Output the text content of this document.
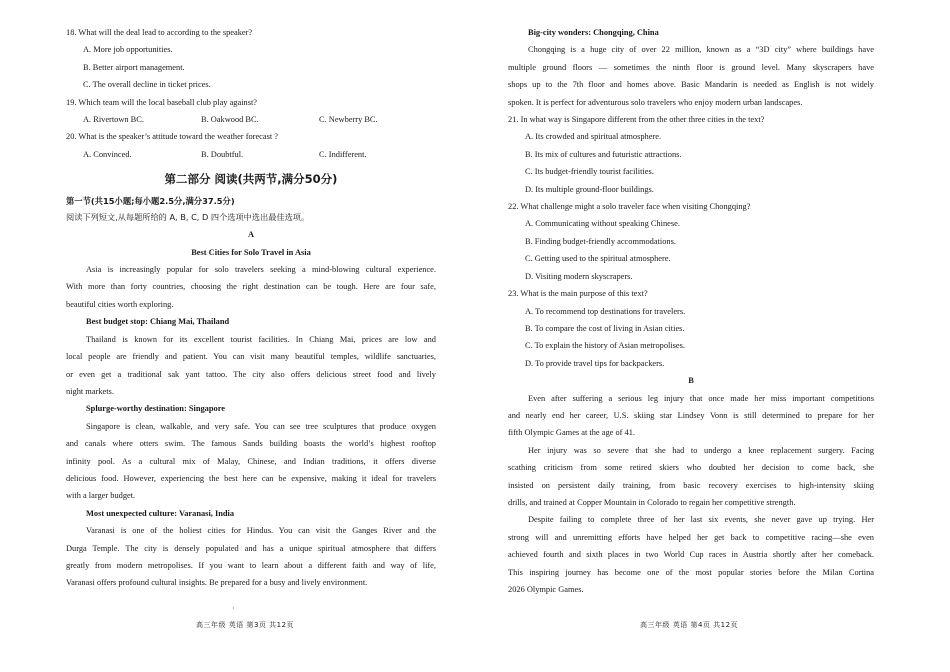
18. What will the deal lead to according to the speaker?
A. More job opportunities.
B. Better airport management.
C. The overall decline in ticket prices.
19. Which team will the local baseball club play against?
A. Rivertown BC.	B. Oakwood BC.	C. Newberry BC.
20. What is the speaker’s attitude toward the weather forecast ?
A. Convinced.	B. Doubtful.	C. Indifferent.
第二部分 阅读(共两节,满分50分)
第一节(共15小题;每小题2.5分,满分37.5分)
阅读下列短文,从每题所给的 A, B, C, D 四个选项中选出最佳选项。
A
Best Cities for Solo Travel in Asia
Asia is increasingly popular for solo travelers seeking a mind-blowing cultural experience.
With more than forty countries, choosing the right destination can be tough. Here are four safe,
beautiful cities worth exploring.
Best budget stop: Chiang Mai, Thailand
Thailand is known for its excellent tourist facilities. In Chiang Mai, prices are low and
local people are friendly and patient. You can visit many beautiful temples, wildlife sanctuaries,
or even get a traditional sak yant tattoo. The city also offers delicious street food and lively
night markets.
Splurge-worthy destination: Singapore
Singapore is clean, walkable, and very safe. You can see tree sculptures that produce oxygen
and canals where otters swim. The famous Sands building boasts the world’s highest rooftop
infinity pool. As a cultural mix of Malay, Chinese, and Indian traditions, it offers diverse
delicious food. However, experiencing the best here can be expensive, making it ideal for travelers
with a larger budget.
Most unexpected culture: Varanasi, India
Varanasi is one of the holiest cities for Hindus. You can visit the Ganges River and the
Durga Temple. The city is densely populated and has a unique spiritual atmosphere that differs
greatly from modern metropolises. If you want to learn about a different faith and way of life,
Varanasi offers profound cultural insights. Be prepared for a busy and lively environment.
·
高三年级 英语 第3页 共12页
Big-city wonders: Chongqing, China
Chongqing is a huge city of over 22 million, known as a “3D city” where buildings have
multiple ground floors — sometimes the ninth floor is ground level. Many skyscrapers have
shops up to the 7th floor and homes above. Basic Mandarin is needed as English is not widely
spoken. It is perfect for adventurous solo travelers who enjoy modern urban landscapes.
21. In what way is Singapore different from the other three cities in the text?
A. Its crowded and spiritual atmosphere.
B. Its mix of cultures and futuristic attractions.
C. Its budget-friendly tourist facilities.
D. Its multiple ground-floor buildings.
22. What challenge might a solo traveler face when visiting Chongqing?
A. Communicating without speaking Chinese.
B. Finding budget-friendly accommodations.
C. Getting used to the spiritual atmosphere.
D. Visiting modern skyscrapers.
23. What is the main purpose of this text?
A. To recommend top destinations for travelers.
B. To compare the cost of living in Asian cities.
C. To explain the history of Asian metropolises.
D. To provide travel tips for backpackers.
B
Even after suffering a serious leg injury that once made her miss important competitions
and nearly end her career, U.S. skiing star Lindsey Vonn is still determined to prepare for her
fifth Olympic Games at the age of 41.
Her injury was so severe that she had to undergo a knee replacement surgery. Facing
scathing criticism from some retired skiers who doubted her decision to come back, she
insisted on persistent daily training, from basic recovery exercises to high-intensity skiing
drills, and trained at Copper Mountain in Colorado to regain her competitive strength.
Despite failing to complete three of her last six events, she never gave up trying. Her
strong will and unremitting efforts have helped her get back to competitive racing—she even
achieved fourth and sixth places in two World Cup races in Austria shortly after her comeback.
This inspiring journey has become one of the most popular stories before the Milan Cortina
2026 Olympic Games.
高三年级 英语 第4页 共12页
